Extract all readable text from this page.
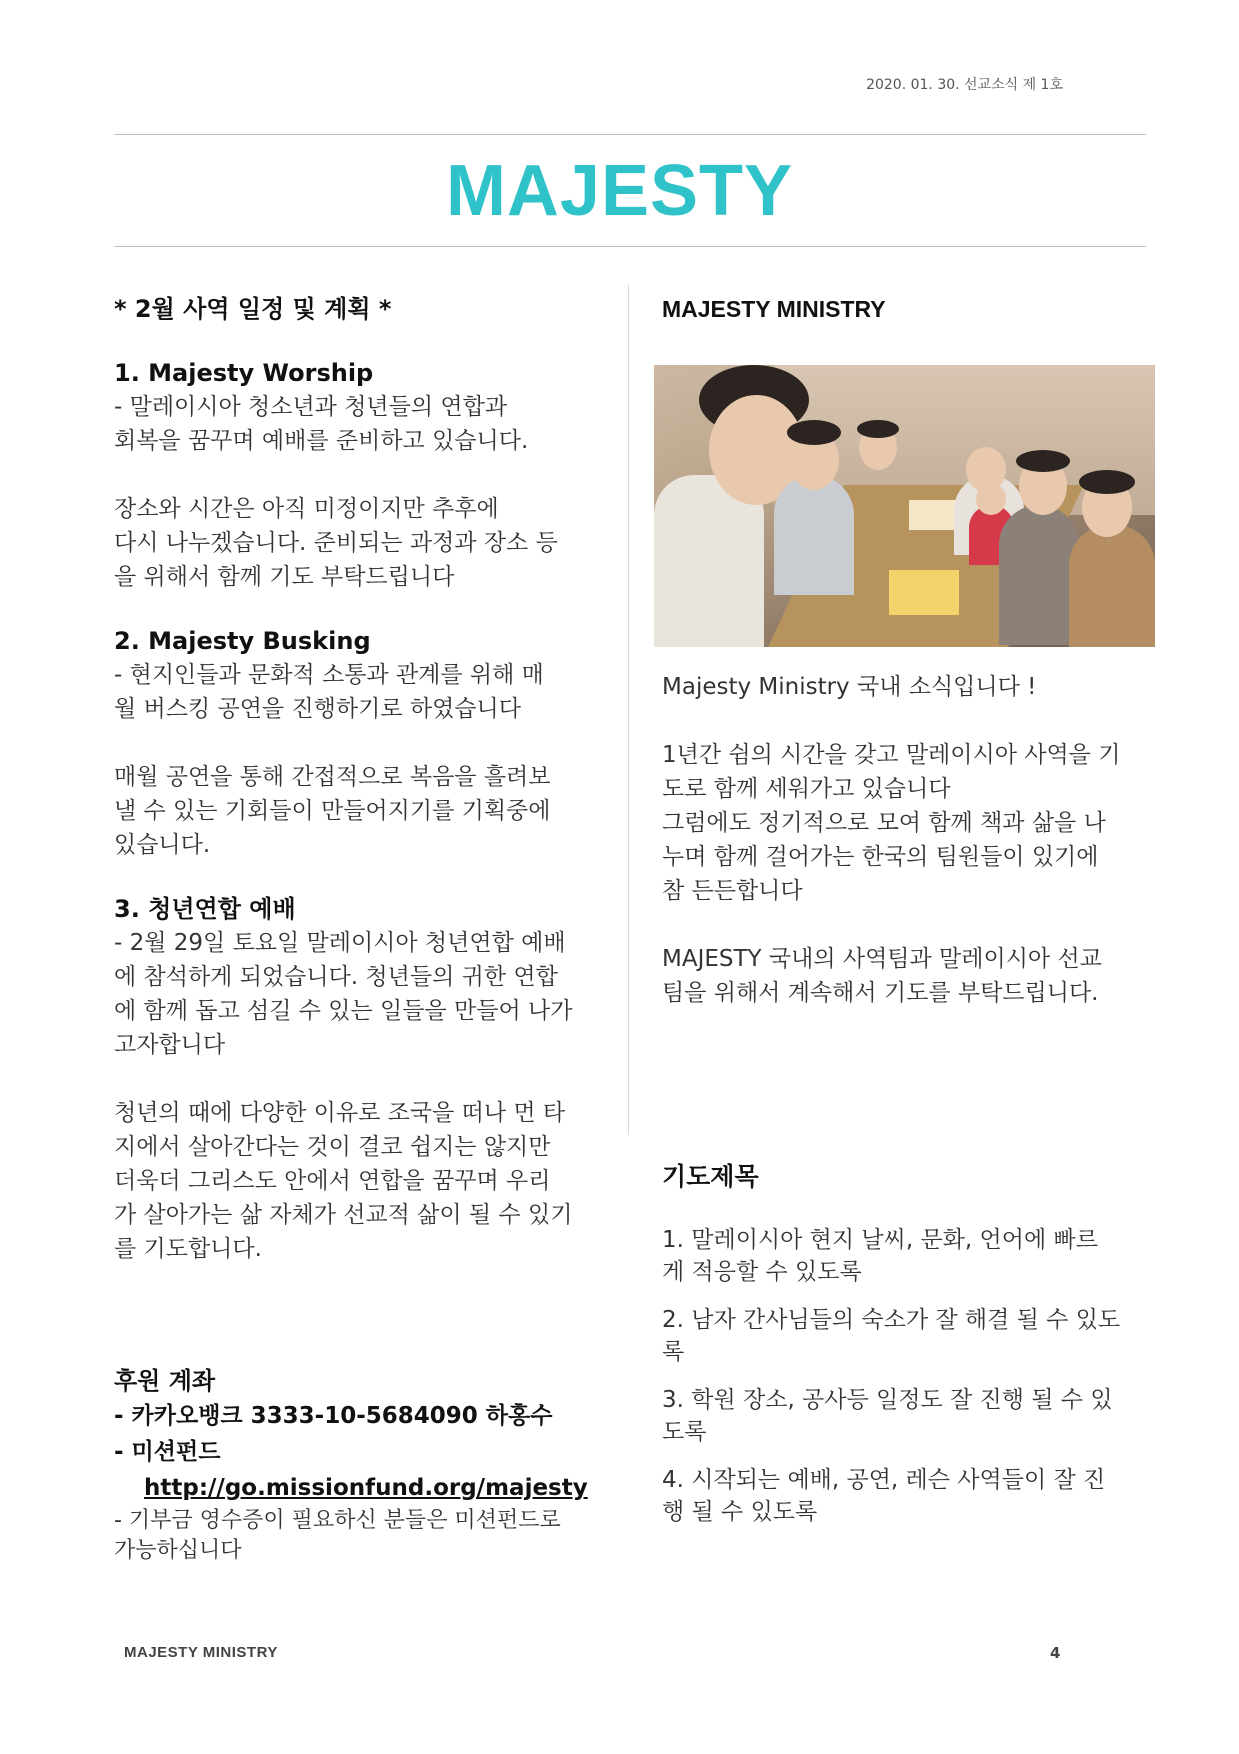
2020. 01. 30. 선교소식 제 1호
MAJESTY
* 2월 사역 일정 및 계획 *
1. Majesty Worship
- 말레이시아 청소년과 청년들의 연합과
회복을 꿈꾸며 예배를 준비하고 있습니다.
장소와 시간은 아직 미정이지만 추후에
다시 나누겠습니다. 준비되는 과정과 장소 등
을 위해서 함께 기도 부탁드립니다
2. Majesty Busking
- 현지인들과 문화적 소통과 관계를 위해 매
월 버스킹 공연을 진행하기로 하였습니다
매월 공연을 통해 간접적으로 복음을 흘려보
낼 수 있는 기회들이 만들어지기를 기획중에
있습니다.
3. 청년연합 예배
- 2월 29일 토요일 말레이시아 청년연합 예배
에 참석하게 되었습니다. 청년들의 귀한 연합
에 함께 돕고 섬길 수 있는 일들을 만들어 나가
고자합니다
청년의 때에 다양한 이유로 조국을 떠나 먼 타
지에서 살아간다는 것이 결코 쉽지는 않지만
더욱더 그리스도 안에서 연합을 꿈꾸며 우리
가 살아가는 삶 자체가 선교적 삶이 될 수 있기
를 기도합니다.
후원 계좌
- 카카오뱅크 3333-10-5684090 하홍수
- 미션펀드
http://go.missionfund.org/majesty
- 기부금 영수증이 필요하신 분들은 미션펀드로
가능하십니다
MAJESTY MINISTRY
Majesty Ministry 국내 소식입니다 !
1년간 쉼의 시간을 갖고 말레이시아 사역을 기
도로 함께 세워가고 있습니다
그럼에도 정기적으로 모여 함께 책과 삶을 나
누며 함께 걸어가는 한국의 팀원들이 있기에
참 든든합니다
MAJESTY 국내의 사역팀과 말레이시아 선교
팀을 위해서 계속해서 기도를 부탁드립니다.
기도제목
1. 말레이시아 현지 날씨, 문화, 언어에 빠르
게 적응할 수 있도록
2. 남자 간사님들의 숙소가 잘 해결 될 수 있도
록
3. 학원 장소, 공사등 일정도 잘 진행 될 수 있
도록
4. 시작되는 예배, 공연, 레슨 사역들이 잘 진
행 될 수 있도록
MAJESTY MINISTRY	4
